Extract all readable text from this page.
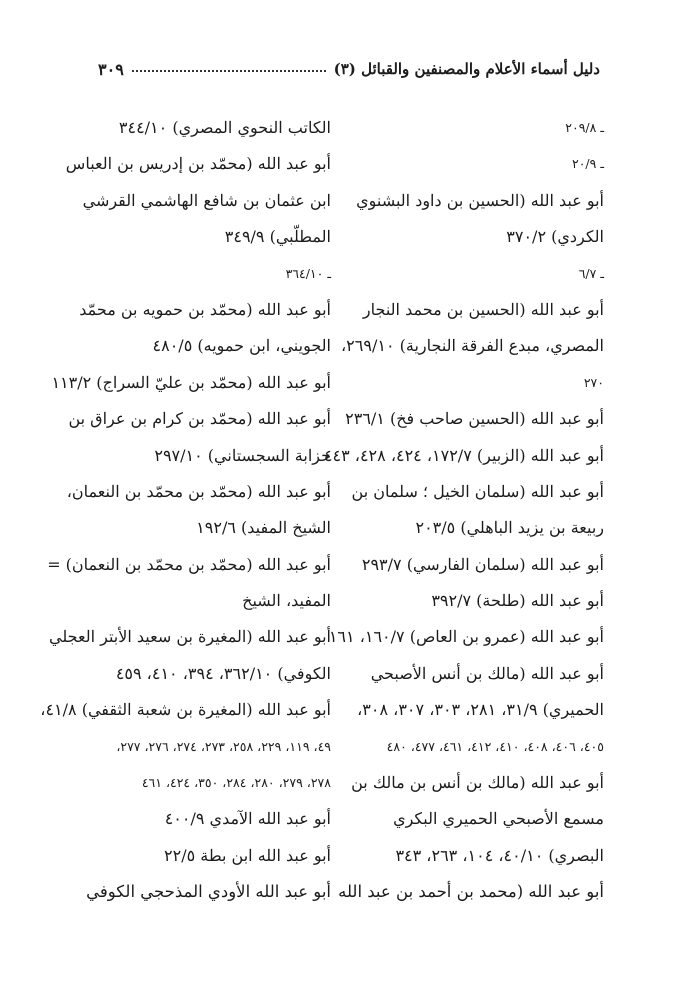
دليل أسماء الأعلام والمصنفين والقبائل (٣)
٣٠٩
ـ ٢٠٩/٨
ـ ٢٠/٩
أبو عبد الله (الحسين بن داود البشنوي
الكردي) ٣٧٠/٢
ـ ٦/٧
أبو عبد الله (الحسين بن محمد النجار
المصري، مبدع الفرقة النجارية) ٢٦٩/١٠،
٢٧٠
أبو عبد الله (الحسين صاحب فخ) ٢٣٦/١
أبو عبد الله (الزبير) ١٧٢/٧، ٤٢٤، ٤٢٨، ٤٤٣
أبو عبد الله (سلمان الخيل ؛ سلمان بن
ربيعة بن يزيد الباهلي) ٢٠٣/٥
أبو عبد الله (سلمان الفارسي) ٢٩٣/٧
أبو عبد الله (طلحة) ٣٩٢/٧
أبو عبد الله (عمرو بن العاص) ١٦٠/٧، ١٦١
أبو عبد الله (مالك بن أنس الأصبحي
الحميري) ٣١/٩، ٢٨١، ٣٠٣، ٣٠٧، ٣٠٨،
٤٠٥، ٤٠٦، ٤٠٨، ٤١٠، ٤١٢، ٤٦١، ٤٧٧، ٤٨٠
أبو عبد الله (مالك بن أنس بن مالك بن
مسمع الأصبحي الحميري البكري
البصري) ٤٠/١٠، ١٠٤، ٢٦٣، ٣٤٣
أبو عبد الله (محمد بن أحمد بن عبد الله
الكاتب النحوي المصري) ٣٤٤/١٠
أبو عبد الله (محمّد بن إدريس بن العباس
ابن عثمان بن شافع الهاشمي القرشي
المطلّبي) ٣٤٩/٩
ـ ٣٦٤/١٠
أبو عبد الله (محمّد بن حمويه بن محمّد
الجويني، ابن حمويه) ٤٨٠/٥
أبو عبد الله (محمّد بن عليّ السراج) ١١٣/٢
أبو عبد الله (محمّد بن كرام بن عراق بن
حزابة السجستاني) ٢٩٧/١٠
أبو عبد الله (محمّد بن محمّد بن النعمان،
الشيخ المفيد) ١٩٢/٦
أبو عبد الله (محمّد بن محمّد بن النعمان) =
المفيد، الشيخ
أبو عبد الله (المغيرة بن سعيد الأبتر العجلي
الكوفي) ٣٦٢/١٠، ٣٩٤، ٤١٠، ٤٥٩
أبو عبد الله (المغيرة بن شعبة الثقفي) ٤١/٨،
٤٩، ١١٩، ٢٢٩، ٢٥٨، ٢٧٣، ٢٧٤، ٢٧٦، ٢٧٧،
٢٧٨، ٢٧٩، ٢٨٠، ٢٨٤، ٣٥٠، ٤٢٤، ٤٦١
أبو عبد الله الآمدي ٤٠٠/٩
أبو عبد الله ابن بطة ٢٢/٥
أبو عبد الله الأودي المذحجي الكوفي
